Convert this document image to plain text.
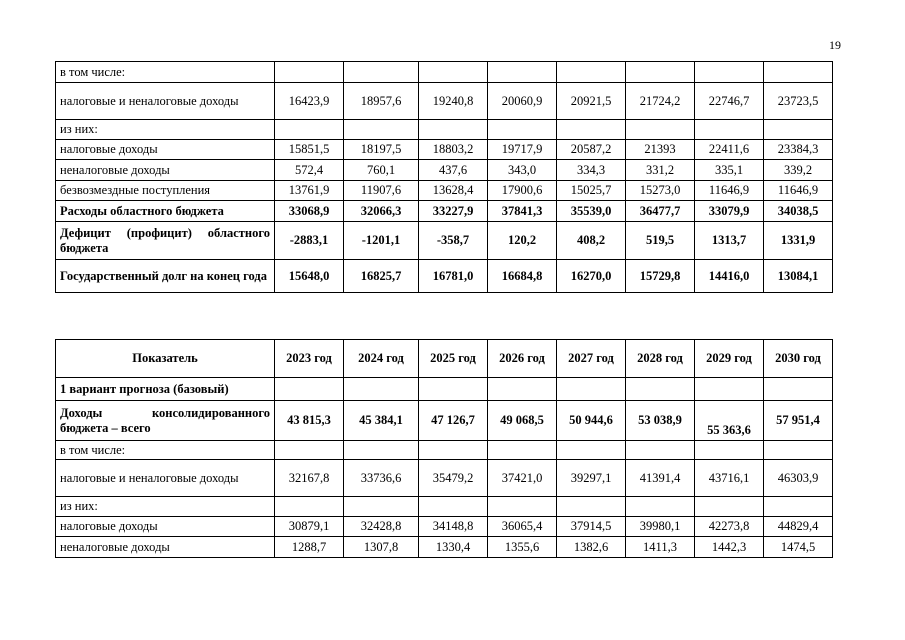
19
в том числе:								
налоговые и неналоговые доходы	16423,9	18957,6	19240,8	20060,9	20921,5	21724,2	22746,7	23723,5
из них:								
налоговые доходы	15851,5	18197,5	18803,2	19717,9	20587,2	21393	22411,6	23384,3
неналоговые доходы	572,4	760,1	437,6	343,0	334,3	331,2	335,1	339,2
безвозмездные поступления	13761,9	11907,6	13628,4	17900,6	15025,7	15273,0	11646,9	11646,9
Расходы областного бюджета	33068,9	32066,3	33227,9	37841,3	35539,0	36477,7	33079,9	34038,5
Дефицит (профицит) областного бюджета	-2883,1	-1201,1	-358,7	120,2	408,2	519,5	1313,7	1331,9
Государственный долг на конец года	15648,0	16825,7	16781,0	16684,8	16270,0	15729,8	14416,0	13084,1
Показатель	2023 год	2024 год	2025 год	2026 год	2027 год	2028 год	2029 год	2030 год
1 вариант прогноза (базовый)								
Доходы консолидированного бюджета – всего	43 815,3	45 384,1	47 126,7	49 068,5	50 944,6	53 038,9	55 363,6	57 951,4
в том числе:								
налоговые и неналоговые доходы	32167,8	33736,6	35479,2	37421,0	39297,1	41391,4	43716,1	46303,9
из них:								
налоговые доходы	30879,1	32428,8	34148,8	36065,4	37914,5	39980,1	42273,8	44829,4
неналоговые доходы	1288,7	1307,8	1330,4	1355,6	1382,6	1411,3	1442,3	1474,5
